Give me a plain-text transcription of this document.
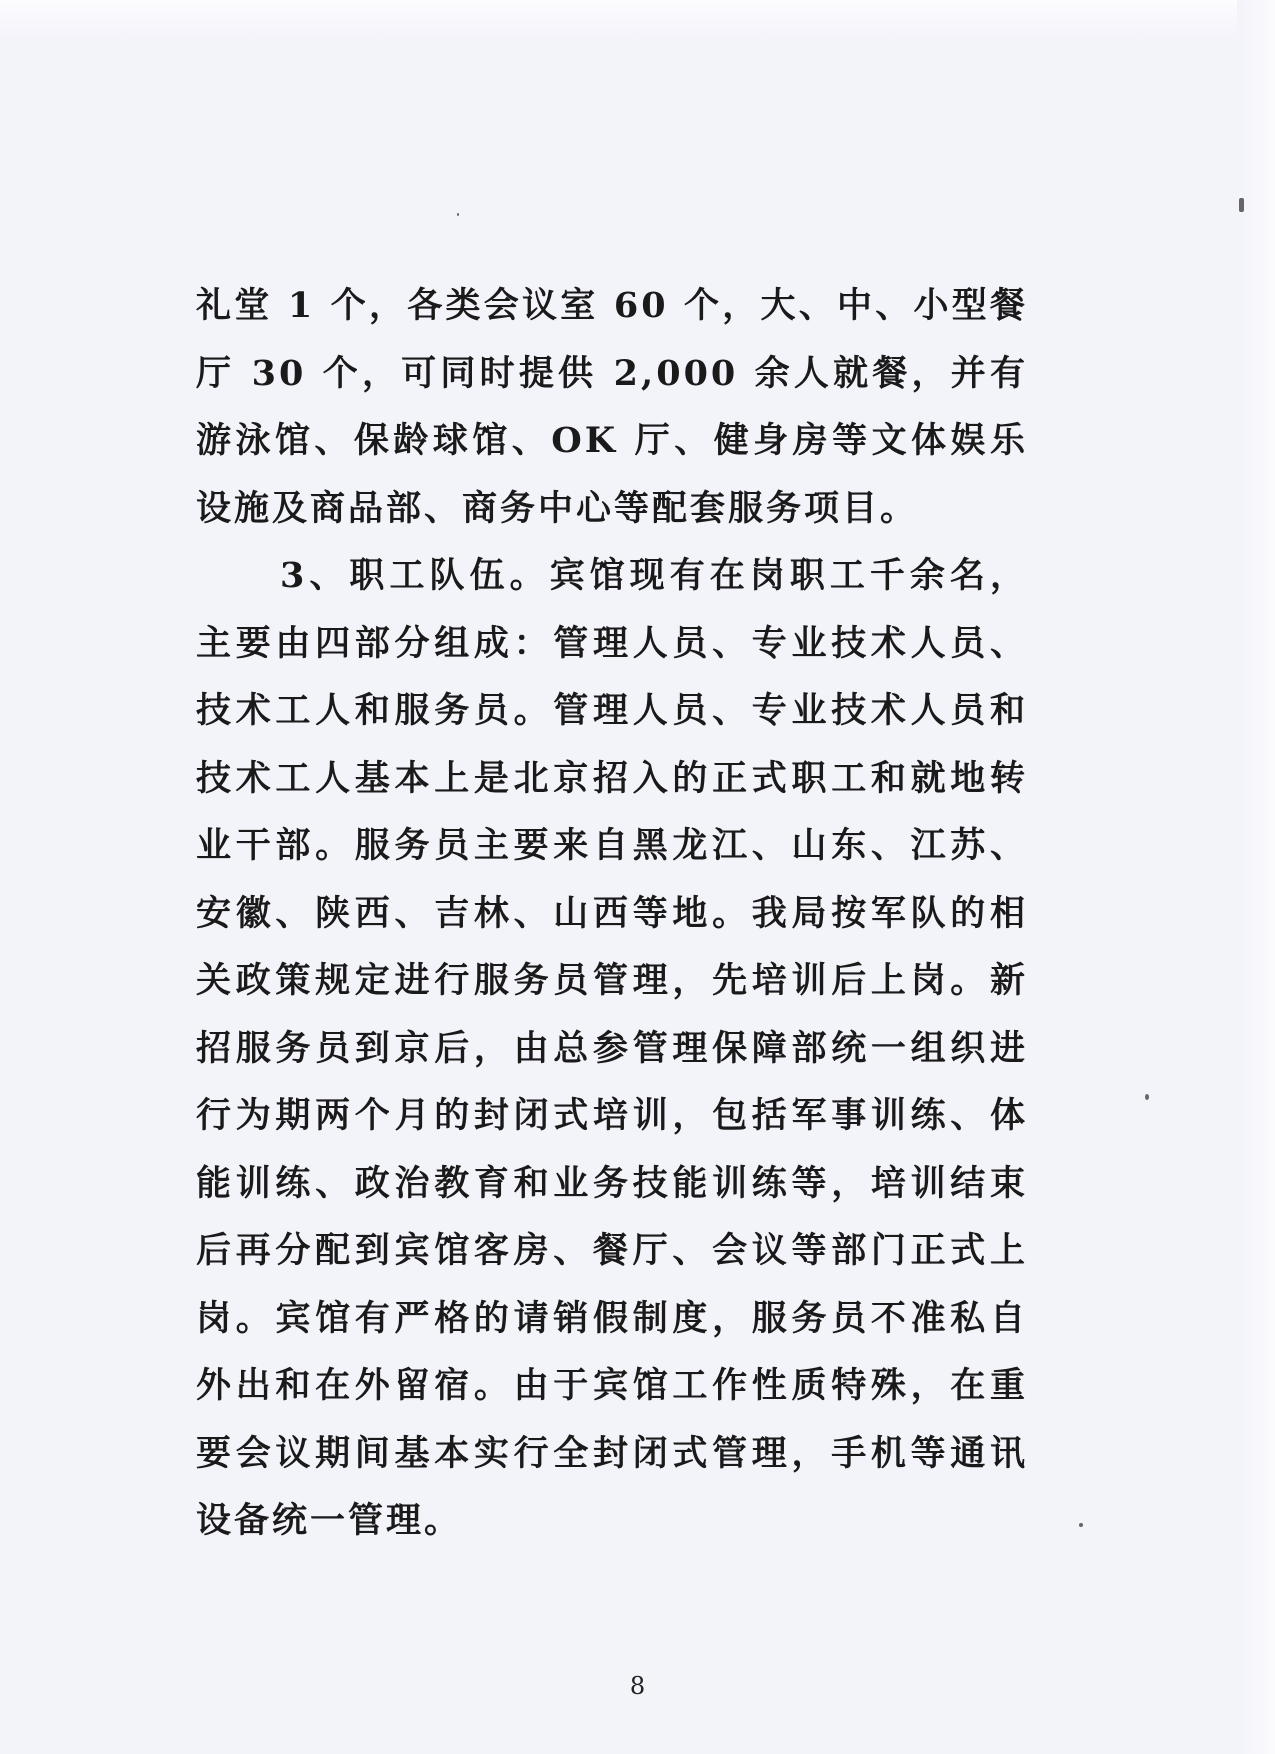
礼堂 1 个，各类会议室 60 个，大、中、小型餐厅 30 个，可同时提供 2,000 余人就餐，并有游泳馆、保龄球馆、OK 厅、健身房等文体娱乐设施及商品部、商务中心等配套服务项目。

3、职工队伍。宾馆现有在岗职工千余名，主要由四部分组成：管理人员、专业技术人员、技术工人和服务员。管理人员、专业技术人员和技术工人基本上是北京招入的正式职工和就地转业干部。服务员主要来自黑龙江、山东、江苏、安徽、陕西、吉林、山西等地。我局按军队的相关政策规定进行服务员管理，先培训后上岗。新招服务员到京后，由总参管理保障部统一组织进行为期两个月的封闭式培训，包括军事训练、体能训练、政治教育和业务技能训练等，培训结束后再分配到宾馆客房、餐厅、会议等部门正式上岗。宾馆有严格的请销假制度，服务员不准私自外出和在外留宿。由于宾馆工作性质特殊，在重要会议期间基本实行全封闭式管理，手机等通讯设备统一管理。

8
